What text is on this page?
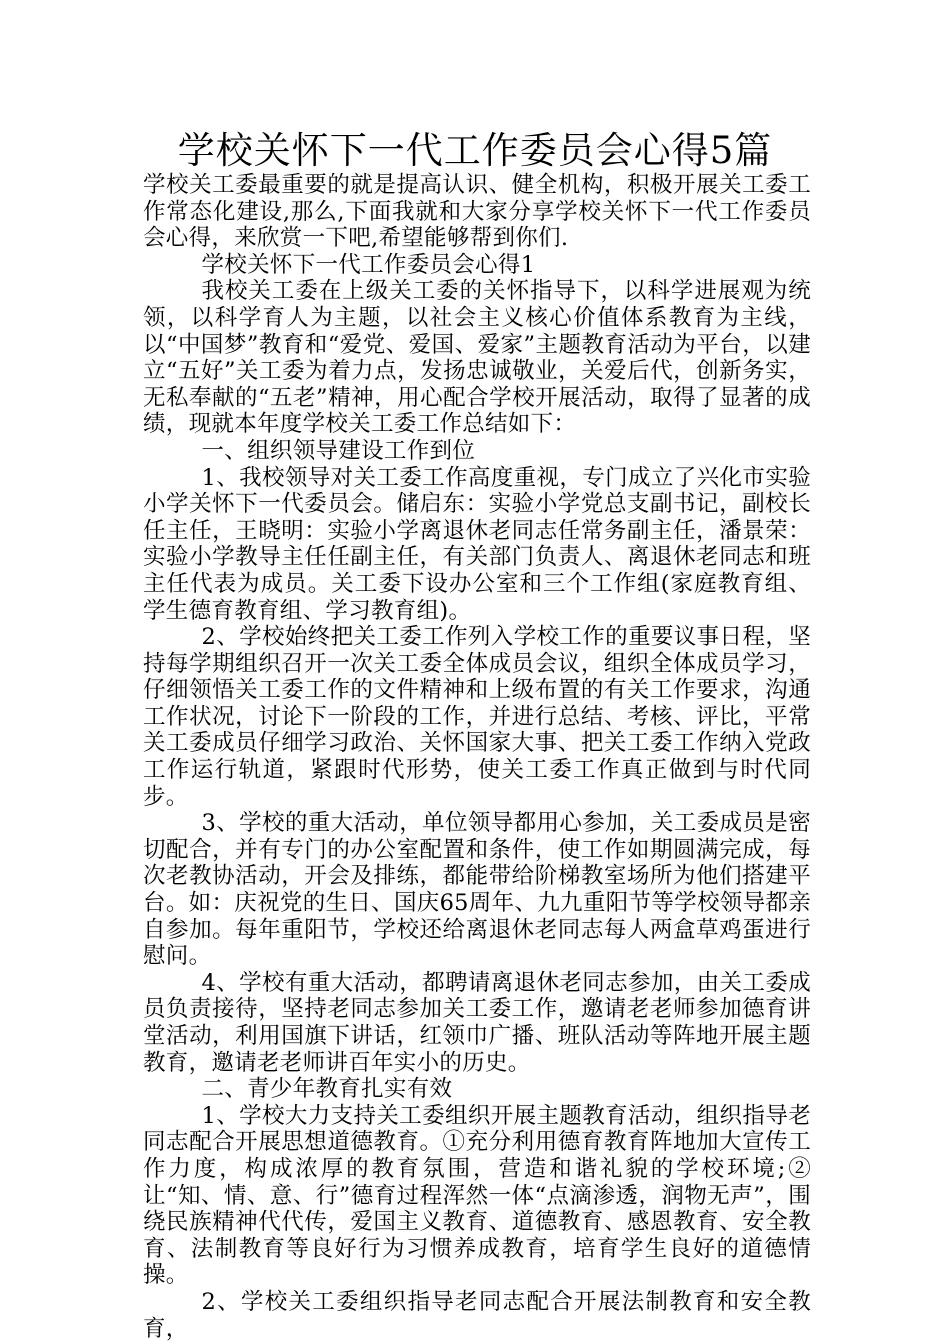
学校关怀下一代工作委员会心得5篇

学校关工委最重要的就是提高认识、健全机构，积极开展关工委工作常态化建设,那么,下面我就和大家分享学校关怀下一代工作委员会心得，来欣赏一下吧,希望能够帮到你们.

学校关怀下一代工作委员会心得1

我校关工委在上级关工委的关怀指导下，以科学进展观为统领，以科学育人为主题，以社会主义核心价值体系教育为主线，以“中国梦”教育和“爱党、爱国、爱家”主题教育活动为平台，以建立“五好”关工委为着力点，发扬忠诚敬业，关爱后代，创新务实，无私奉献的“五老”精神，用心配合学校开展活动，取得了显著的成绩，现就本年度学校关工委工作总结如下：

一、组织领导建设工作到位

1、我校领导对关工委工作高度重视，专门成立了兴化市实验小学关怀下一代委员会。储启东：实验小学党总支副书记，副校长任主任，王晓明：实验小学离退休老同志任常务副主任，潘景荣：实验小学教导主任任副主任，有关部门负责人、离退休老同志和班主任代表为成员。关工委下设办公室和三个工作组(家庭教育组、学生德育教育组、学习教育组)。

2、学校始终把关工委工作列入学校工作的重要议事日程，坚持每学期组织召开一次关工委全体成员会议，组织全体成员学习，仔细领悟关工委工作的文件精神和上级布置的有关工作要求，沟通工作状况，讨论下一阶段的工作，并进行总结、考核、评比，平常关工委成员仔细学习政治、关怀国家大事、把关工委工作纳入党政工作运行轨道，紧跟时代形势，使关工委工作真正做到与时代同步。

3、学校的重大活动，单位领导都用心参加，关工委成员是密切配合，并有专门的办公室配置和条件，使工作如期圆满完成，每次老教协活动，开会及排练，都能带给阶梯教室场所为他们搭建平台。如：庆祝党的生日、国庆65周年、九九重阳节等学校领导都亲自参加。每年重阳节，学校还给离退休老同志每人两盒草鸡蛋进行慰问。

4、学校有重大活动，都聘请离退休老同志参加，由关工委成员负责接待，坚持老同志参加关工委工作，邀请老老师参加德育讲堂活动，利用国旗下讲话，红领巾广播、班队活动等阵地开展主题教育，邀请老老师讲百年实小的历史。

二、青少年教育扎实有效

1、学校大力支持关工委组织开展主题教育活动，组织指导老同志配合开展思想道德教育。①充分利用德育教育阵地加大宣传工作力度，构成浓厚的教育氛围，营造和谐礼貌的学校环境;② 让“知、情、意、行”德育过程浑然一体“点滴渗透，润物无声”，围绕民族精神代代传，爱国主义教育、道德教育、感恩教育、安全教育、法制教育等良好行为习惯养成教育，培育学生良好的道德情操。

2、学校关工委组织指导老同志配合开展法制教育和安全教育，
